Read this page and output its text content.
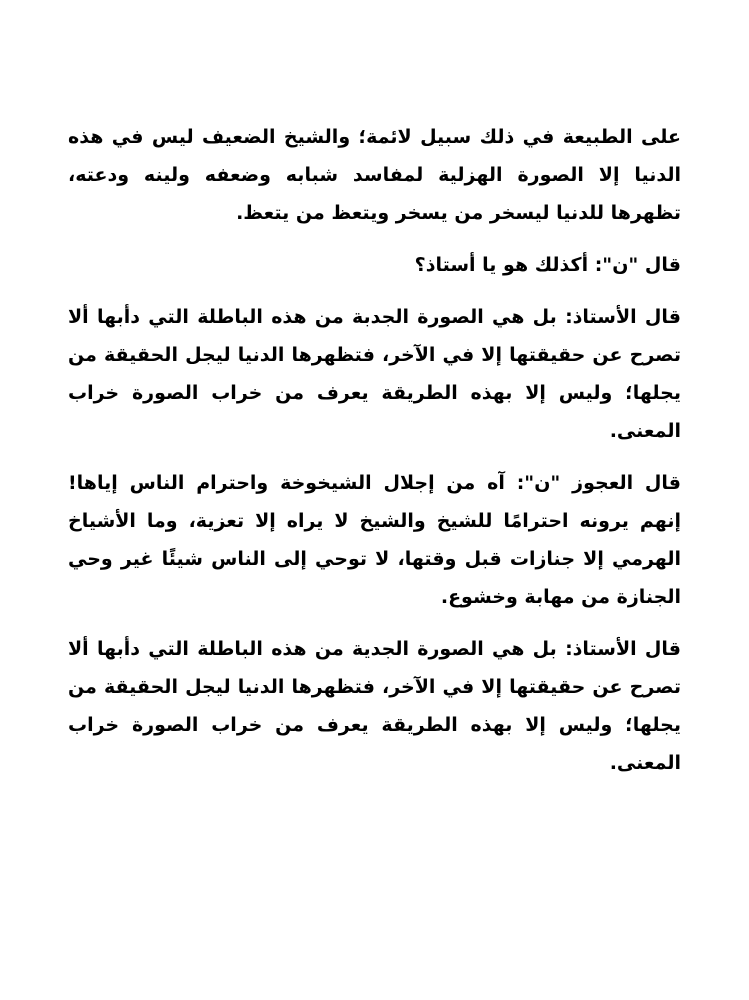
على الطبيعة في ذلك سبيل لائمة؛ والشيخ الضعيف ليس في هذه الدنيا إلا الصورة الهزلية لمفاسد شبابه وضعفه ولينه ودعته، تظهرها للدنيا ليسخر من يسخر ويتعظ من يتعظ.

قال "ن": أكذلك هو يا أستاذ؟

قال الأستاذ: بل هي الصورة الجدبة من هذه الباطلة التي دأبها ألا تصرح عن حقيقتها إلا في الآخر، فتظهرها الدنيا ليجل الحقيقة من يجلها؛ وليس إلا بهذه الطريقة يعرف من خراب الصورة خراب المعنى.

قال العجوز "ن": آه من إجلال الشيخوخة واحترام الناس إياها! إنهم يرونه احترامًا للشيخ والشيخ لا يراه إلا تعزية، وما الأشياخ الهرمي إلا جنازات قبل وقتها، لا توحي إلى الناس شيئًا غير وحي الجنازة من مهابة وخشوع.

قال الأستاذ: بل هي الصورة الجدية من هذه الباطلة التي دأبها ألا تصرح عن حقيقتها إلا في الآخر، فتظهرها الدنيا ليجل الحقيقة من يجلها؛ وليس إلا بهذه الطريقة يعرف من خراب الصورة خراب المعنى.
